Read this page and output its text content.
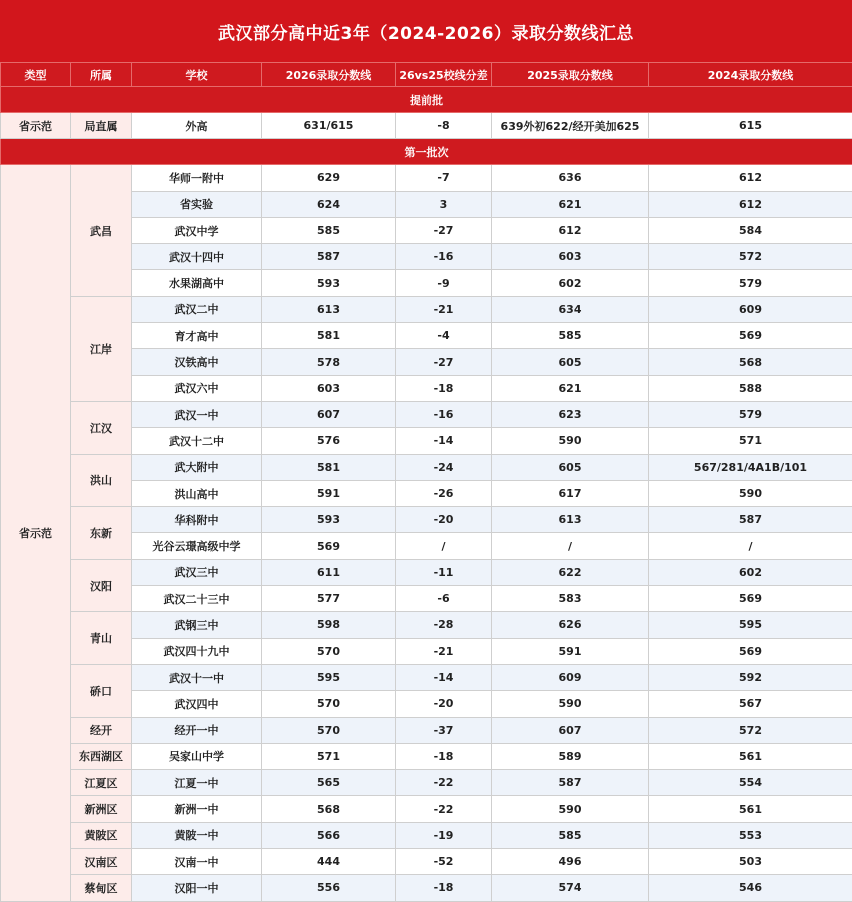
武汉部分高中近3年（2024-2026）录取分数线汇总
类型	所属	学校	2026录取分数线	26vs25校线分差	2025录取分数线	2024录取分数线
提前批						
省示范	局直属	外高	631/615	-8	639外初622/经开美加625	615
第一批次						
省示范	武昌	华师一附中	629	-7	636	612
		省实验	624	3	621	612
		武汉中学	585	-27	612	584
		武汉十四中	587	-16	603	572
		水果湖高中	593	-9	602	579
	江岸	武汉二中	613	-21	634	609
		育才高中	581	-4	585	569
		汉铁高中	578	-27	605	568
		武汉六中	603	-18	621	588
	江汉	武汉一中	607	-16	623	579
		武汉十二中	576	-14	590	571
	洪山	武大附中	581	-24	605	567/281/4A1B/101
		洪山高中	591	-26	617	590
	东新	华科附中	593	-20	613	587
		光谷云璟高级中学	569	/	/	/
	汉阳	武汉三中	611	-11	622	602
		武汉二十三中	577	-6	583	569
	青山	武钢三中	598	-28	626	595
		武汉四十九中	570	-21	591	569
	硚口	武汉十一中	595	-14	609	592
		武汉四中	570	-20	590	567
	经开	经开一中	570	-37	607	572
	东西湖区	吴家山中学	571	-18	589	561
	江夏区	江夏一中	565	-22	587	554
	新洲区	新洲一中	568	-22	590	561
	黄陂区	黄陂一中	566	-19	585	553
	汉南区	汉南一中	444	-52	496	503
	蔡甸区	汉阳一中	556	-18	574	546
